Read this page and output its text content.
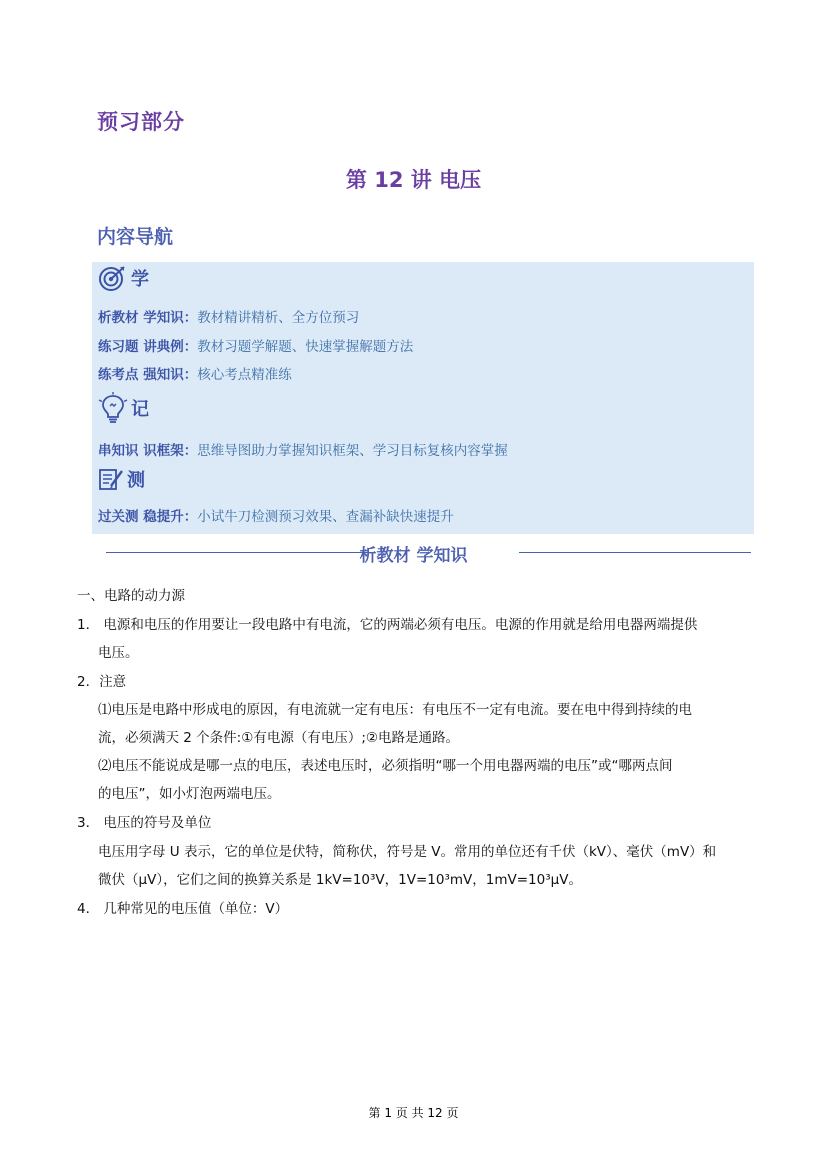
预习部分
第 12 讲 电压
内容导航
学
析教材 学知识：教材精讲精析、全方位预习
练习题 讲典例：教材习题学解题、快速掌握解题方法
练考点 强知识：核心考点精准练
记
串知识 识框架：思维导图助力掌握知识框架、学习目标复核内容掌握
测
过关测 稳提升：小试牛刀检测预习效果、查漏补缺快速提升
析教材 学知识
一、电路的动力源
1． 电源和电压的作用要让一段电路中有电流，它的两端必须有电压。电源的作用就是给用电器两端提供
电压。
2．注意
⑴电压是电路中形成电的原因，有电流就一定有电压：有电压不一定有电流。要在电中得到持续的电
流，必须满天 2 个条件:①有电源（有电压）;②电路是通路。
⑵电压不能说成是哪一点的电压，表述电压时，必须指明“哪一个用电器两端的电压”或“哪两点间
的电压”，如小灯泡两端电压。
3． 电压的符号及单位
电压用字母 U 表示，它的单位是伏特，简称伏，符号是 V。常用的单位还有千伏（kV）、毫伏（mV）和
微伏（μV），它们之间的换算关系是 1kV=10³V，1V=10³mV，1mV=10³μV。
4． 几种常见的电压值（单位：V）
第 1 页 共 12 页
